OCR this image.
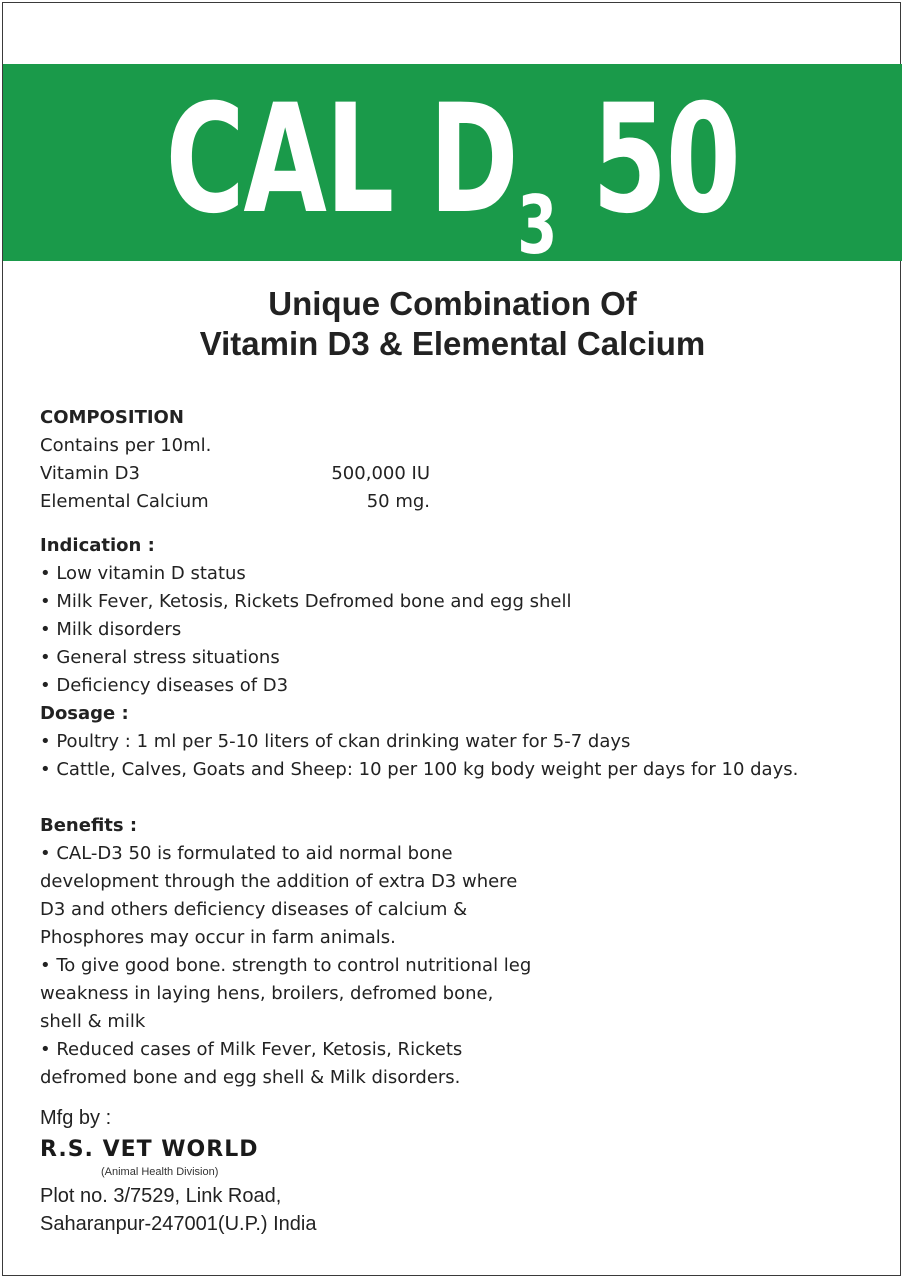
CAL $D_3$ 50
Unique Combination Of
Vitamin D3 & Elemental Calcium
COMPOSITION
Contains per 10ml.
Vitamin D3	500,000 IU
Elemental Calcium	50 mg.
Indication :
• Low vitamin D status
• Milk Fever, Ketosis, Rickets Defromed bone and egg shell
• Milk disorders
• General stress situations
• Deficiency diseases of D3
Dosage :
• Poultry : 1 ml per 5-10 liters of ckan drinking water for 5-7 days
• Cattle, Calves, Goats and Sheep: 10 per 100 kg body weight per days for 10 days.
Benefits :
• CAL-D3 50 is formulated to aid normal bone
development through the addition of extra D3 where
D3 and others deficiency diseases of calcium &
Phosphores may occur in farm animals.
• To give good bone. strength to control nutritional leg
weakness in laying hens, broilers, defromed bone,
shell & milk
• Reduced cases of Milk Fever, Ketosis, Rickets
defromed bone and egg shell & Milk disorders.
Mfg by :
R.S. VET WORLD
(Animal Health Division)
Plot no. 3/7529, Link Road,
Saharanpur-247001(U.P.) India
